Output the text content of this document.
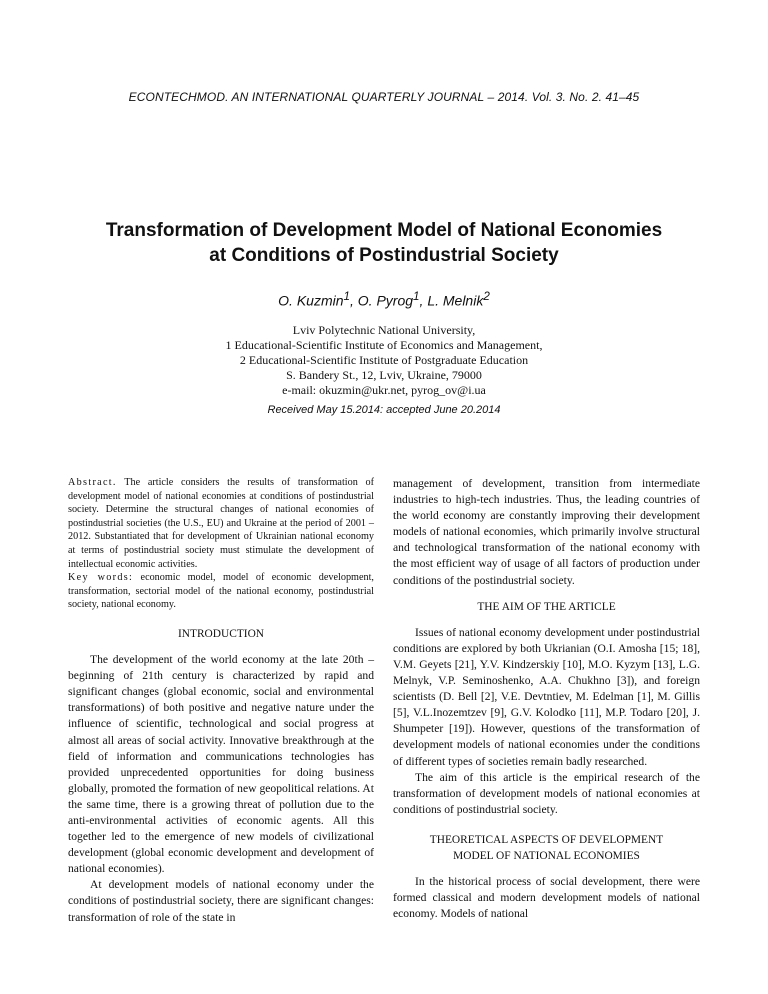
ECONTECHMOD. AN INTERNATIONAL QUARTERLY JOURNAL – 2014. Vol. 3. No. 2. 41–45
Transformation of Development Model of National Economies
at Conditions of Postindustrial Society
O. Kuzmin$^1$, O. Pyrog$^1$, L. Melnik$^2$
Lviv Polytechnic National University,
1 Educational-Scientific Institute of Economics and Management,
2 Educational-Scientific Institute of Postgraduate Education
S. Bandery St., 12, Lviv, Ukraine, 79000
e-mail: okuzmin@ukr.net, pyrog_ov@i.ua
Received May 15.2014: accepted June 20.2014

Abstract. The article considers the results of transformation of development model of national economies at conditions of postindustrial society. Determine the structural changes of national economies of postindustrial societies (the U.S., EU) and Ukraine at the period of 2001 – 2012. Substantiated that for development of Ukrainian national economy at terms of postindustrial society must stimulate the development of intellectual economic activities.

Key words: economic model, model of economic development, transformation, sectorial model of the national economy, postindustrial society, national economy.

INTRODUCTION

The development of the world economy at the late 20th – beginning of 21th century is characterized by rapid and significant changes (global economic, social and environmental transformations) of both positive and negative nature under the influence of scientific, technological and social progress at almost all areas of social activity. Innovative breakthrough at the field of information and communications technologies has provided unprecedented opportunities for doing business globally, promoted the formation of new geopolitical relations. At the same time, there is a growing threat of pollution due to the anti-environmental activities of economic agents. All this together led to the emergence of new models of civilizational development (global economic development and development of national economies).

At development models of national economy under the conditions of postindustrial society, there are significant changes: transformation of role of the state in

management of development, transition from intermediate industries to high-tech industries. Thus, the leading countries of the world economy are constantly improving their development models of national economies, which primarily involve structural and technological transformation of the national economy with the most efficient way of usage of all factors of production under conditions of the postindustrial society.

THE AIM OF THE ARTICLE

Issues of national economy development under postindustrial conditions are explored by both Ukrianian (O.I. Amosha [15; 18], V.M. Geyets [21], Y.V. Kindzerskiy [10], M.O. Kyzym [13], L.G. Melnyk, V.P. Seminoshenko, A.A. Chukhno [3]), and foreign scientists (D. Bell [2], V.E. Devtntiev, M. Edelman [1], M. Gillis [5], V.L.Inozemtzev [9], G.V. Kolodko [11], M.P. Todaro [20], J. Shumpeter [19]). However, questions of the transformation of development models of national economies under the conditions of different types of societies remain badly researched.

The aim of this article is the empirical research of the transformation of development models of national economies at conditions of postindustrial society.

THEORETICAL ASPECTS OF DEVELOPMENT
MODEL OF NATIONAL ECONOMIES

In the historical process of social development, there were formed classical and modern development models of national economy. Models of national
